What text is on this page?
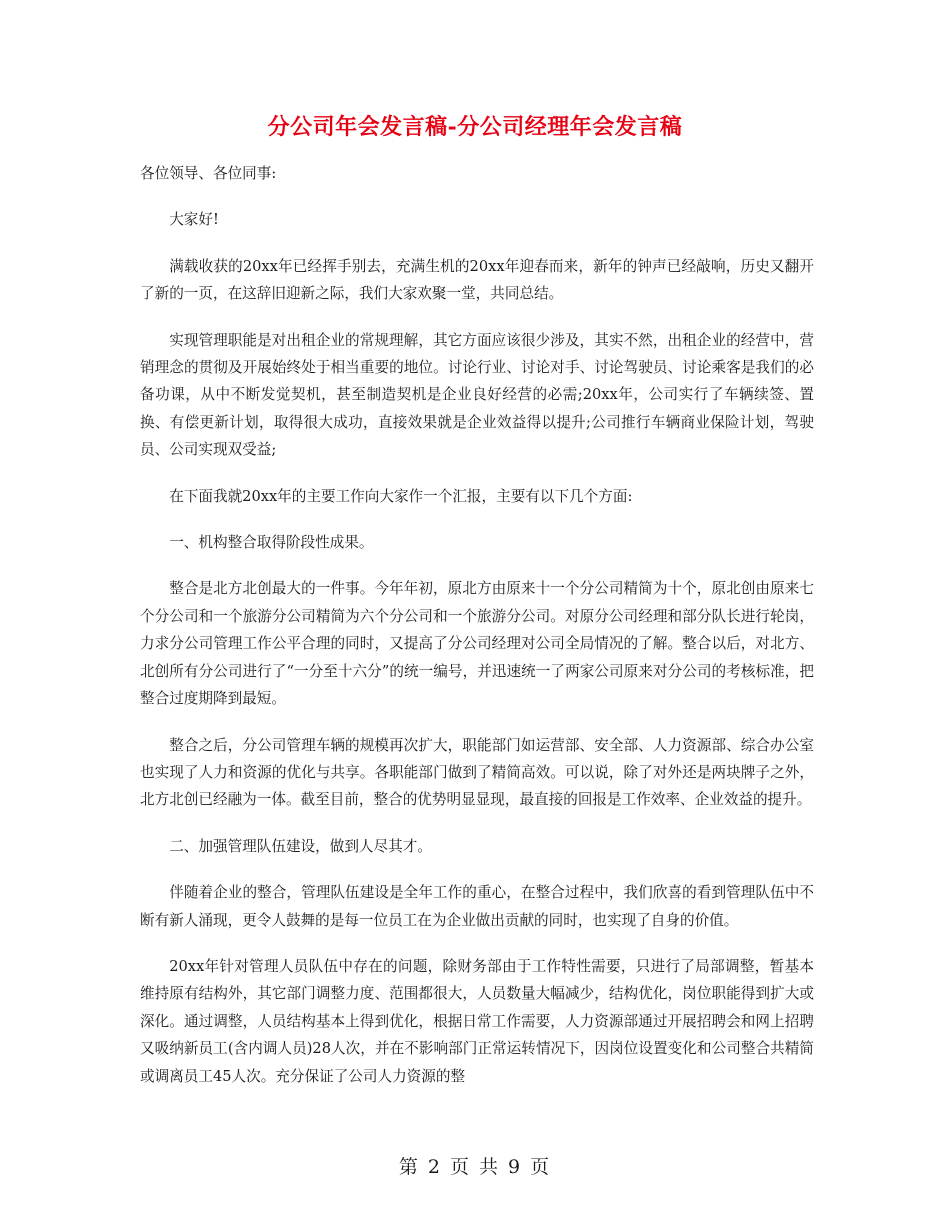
分公司年会发言稿-分公司经理年会发言稿

各位领导、各位同事:

大家好!

满载收获的20xx年已经挥手别去，充满生机的20xx年迎春而来，新年的钟声已经敲响，历史又翻开了新的一页，在这辞旧迎新之际，我们大家欢聚一堂，共同总结。

实现管理职能是对出租企业的常规理解，其它方面应该很少涉及，其实不然，出租企业的经营中，营销理念的贯彻及开展始终处于相当重要的地位。讨论行业、讨论对手、讨论驾驶员、讨论乘客是我们的必备功课，从中不断发觉契机，甚至制造契机是企业良好经营的必需;20xx年，公司实行了车辆续签、置换、有偿更新计划，取得很大成功，直接效果就是企业效益得以提升;公司推行车辆商业保险计划，驾驶员、公司实现双受益;

在下面我就20xx年的主要工作向大家作一个汇报，主要有以下几个方面:

一、机构整合取得阶段性成果。

整合是北方北创最大的一件事。今年年初，原北方由原来十一个分公司精简为十个，原北创由原来七个分公司和一个旅游分公司精简为六个分公司和一个旅游分公司。对原分公司经理和部分队长进行轮岗，力求分公司管理工作公平合理的同时，又提高了分公司经理对公司全局情况的了解。整合以后，对北方、北创所有分公司进行了“一分至十六分”的统一编号，并迅速统一了两家公司原来对分公司的考核标准，把整合过度期降到最短。

整合之后，分公司管理车辆的规模再次扩大，职能部门如运营部、安全部、人力资源部、综合办公室也实现了人力和资源的优化与共享。各职能部门做到了精简高效。可以说，除了对外还是两块牌子之外，北方北创已经融为一体。截至目前，整合的优势明显显现，最直接的回报是工作效率、企业效益的提升。

二、加强管理队伍建设，做到人尽其才。

伴随着企业的整合，管理队伍建设是全年工作的重心，在整合过程中，我们欣喜的看到管理队伍中不断有新人涌现，更令人鼓舞的是每一位员工在为企业做出贡献的同时，也实现了自身的价值。

20xx年针对管理人员队伍中存在的问题，除财务部由于工作特性需要，只进行了局部调整，暂基本维持原有结构外，其它部门调整力度、范围都很大，人员数量大幅减少，结构优化，岗位职能得到扩大或深化。通过调整，人员结构基本上得到优化，根据日常工作需要，人力资源部通过开展招聘会和网上招聘又吸纳新员工(含内调人员)28人次，并在不影响部门正常运转情况下，因岗位设置变化和公司整合共精简或调离员工45人次。充分保证了公司人力资源的整

第 2 页 共 9 页
